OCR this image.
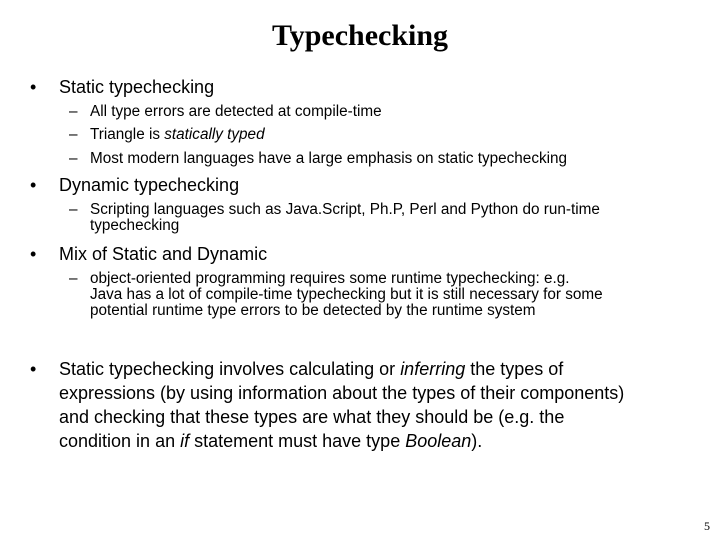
Typechecking
• Static typechecking
– All type errors are detected at compile-time
– Triangle is statically typed
– Most modern languages have a large emphasis on static typechecking
• Dynamic typechecking
– Scripting languages such as Java.Script, Ph.P, Perl and Python do run-time
typechecking
• Mix of Static and Dynamic
– object-oriented programming requires some runtime typechecking: e.g.
Java has a lot of compile-time typechecking but it is still necessary for some
potential runtime type errors to be detected by the runtime system
• Static typechecking involves calculating or inferring the types of
expressions (by using information about the types of their components)
and checking that these types are what they should be (e.g. the
condition in an if statement must have type Boolean).
5
